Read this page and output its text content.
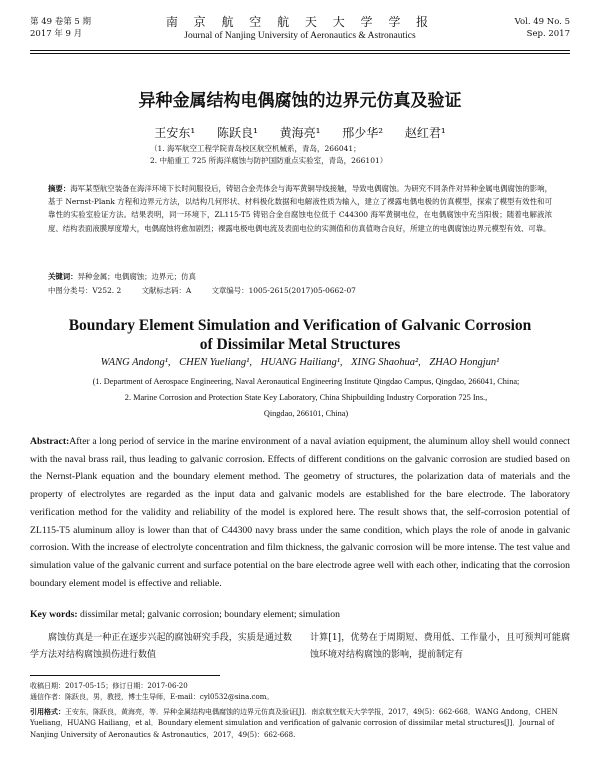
第 49 卷第 5 期
2017 年 9 月
南 京 航 空 航 天 大 学 学 报
Journal of Nanjing University of Aeronautics & Astronautics
Vol. 49 No. 5
Sep. 2017
异种金属结构电偶腐蚀的边界元仿真及验证
王安东¹ 陈跃良¹ 黄海亮¹ 邢少华² 赵红君¹
（1. 海军航空工程学院青岛校区航空机械系，青岛，266041；
2. 中船重工 725 所海洋腐蚀与防护国防重点实验室，青岛，266101）
摘要：海军某型航空装备在海洋环境下长时间服役后，铸铝合金壳体会与海军黄铜导线接触，导致电偶腐蚀。为研究不同条件对异种金属电偶腐蚀的影响，基于 Nernst-Plank 方程和边界元方法，以结构几何形状、材料极化数据和电解液性质为输入，建立了裸露电偶电极的仿真模型，探索了模型有效性和可靠性的实验室验证方法。结果表明，同一环境下，ZL115-T5 铸铝合金自腐蚀电位低于 C44300 海军黄铜电位，在电偶腐蚀中充当阳极；随着电解液浓度、结构表面液膜厚度增大，电偶腐蚀将愈加剧烈；裸露电极电偶电流及表面电位的实测值和仿真值吻合良好，所建立的电偶腐蚀边界元模型有效、可靠。
关键词：异种金属；电偶腐蚀；边界元；仿真
中图分类号：V252. 2	文献标志码：A	文章编号：1005-2615(2017)05-0662-07
Boundary Element Simulation and Verification of Galvanic Corrosion
of Dissimilar Metal Structures
WANG Andong¹, CHEN Yueliang¹, HUANG Hailiang¹, XING Shaohua², ZHAO Hongjun¹
(1. Department of Aerospace Engineering, Naval Aeronautical Engineering Institute Qingdao Campus, Qingdao, 266041, China;
2. Marine Corrosion and Protection State Key Laboratory, China Shipbuilding Industry Corporation 725 Ins.,
Qingdao, 266101, China)
Abstract:After a long period of service in the marine environment of a naval aviation equipment, the aluminum alloy shell would connect with the naval brass rail, thus leading to galvanic corrosion. Effects of different conditions on the galvanic corrosion are studied based on the Nernst-Plank equation and the boundary element method. The geometry of structures, the polarization data of materials and the property of electrolytes are regarded as the input data and galvanic models are established for the bare electrode. The laboratory verification method for the validity and reliability of the model is explored here. The result shows that, the self-corrosion potential of ZL115-T5 aluminum alloy is lower than that of C44300 navy brass under the same condition, which plays the role of anode in galvanic corrosion. With the increase of electrolyte concentration and film thickness, the galvanic corrosion will be more intense. The test value and simulation value of the galvanic current and surface potential on the bare electrode agree well with each other, indicating that the corrosion boundary element model is effective and reliable.
Key words: dissimilar metal; galvanic corrosion; boundary element; simulation
腐蚀仿真是一种正在逐步兴起的腐蚀研究手段，实质是通过数学方法对结构腐蚀损伤进行数值
计算[1]，优势在于周期短、费用低、工作量小，且可预判可能腐蚀环境对结构腐蚀的影响，提前制定有
收稿日期：2017-05-15；修订日期：2017-06-20
通信作者：陈跃良，男，教授，博士生导师，E-mail：cyl0532@sina.com。
引用格式：王安东，陈跃良，黄海亮，等．异种金属结构电偶腐蚀的边界元仿真及验证[J]．南京航空航天大学学报，2017，49(5)：662-668．WANG Andong，CHEN Yueliang，HUANG Hailiang，et al．Boundary element simulation and verification of galvanic corrosion of dissimilar metal structures[J]．Journal of Nanjing University of Aeronautics & Astronautics，2017，49(5)：662-668.
